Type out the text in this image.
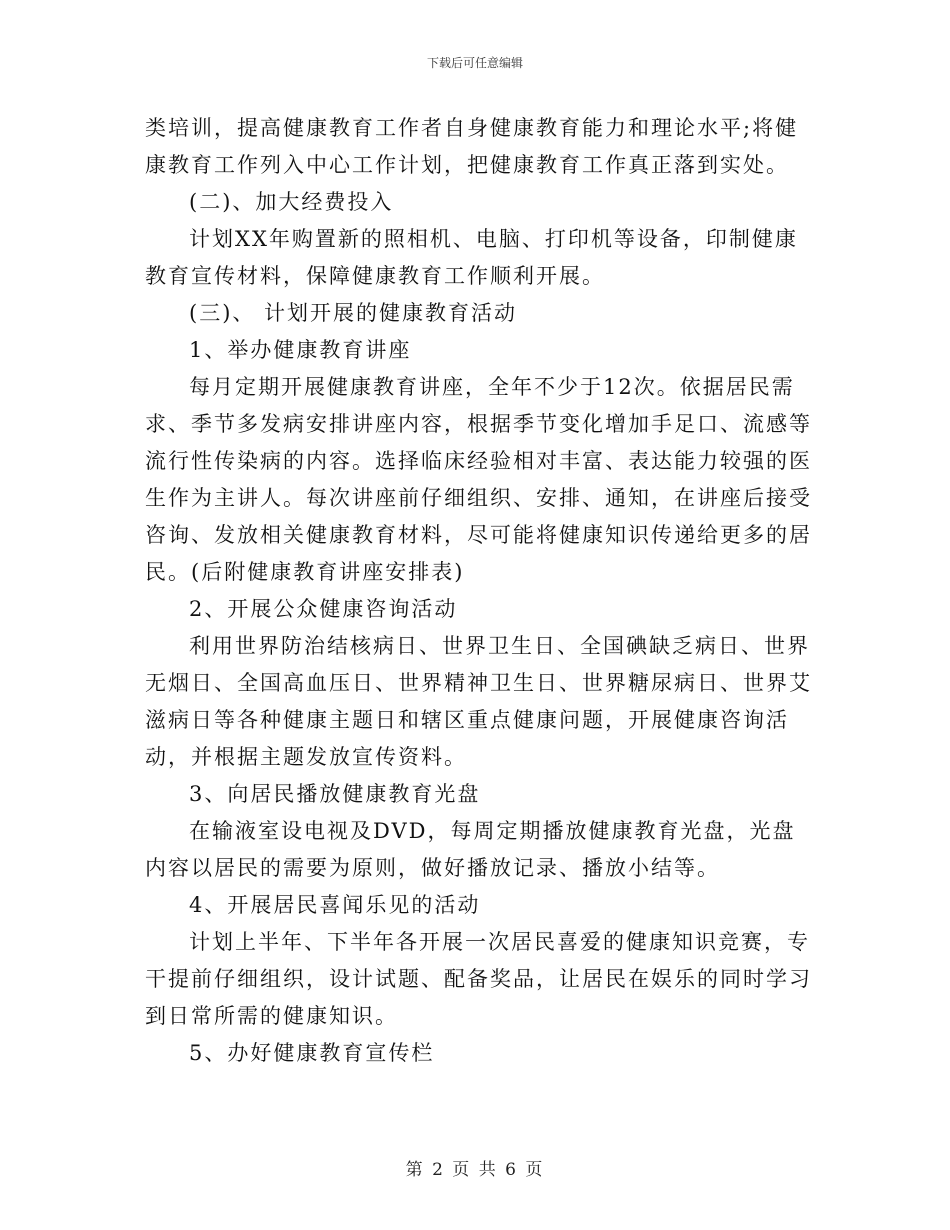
下载后可任意编辑

类培训，提高健康教育工作者自身健康教育能力和理论水平;将健康教育工作列入中心工作计划，把健康教育工作真正落到实处。

(二)、加大经费投入

计划XX年购置新的照相机、电脑、打印机等设备，印制健康教育宣传材料，保障健康教育工作顺利开展。

(三)、 计划开展的健康教育活动

1、举办健康教育讲座

每月定期开展健康教育讲座，全年不少于12次。依据居民需求、季节多发病安排讲座内容，根据季节变化增加手足口、流感等流行性传染病的内容。选择临床经验相对丰富、表达能力较强的医生作为主讲人。每次讲座前仔细组织、安排、通知，在讲座后接受咨询、发放相关健康教育材料，尽可能将健康知识传递给更多的居民。(后附健康教育讲座安排表)

2、开展公众健康咨询活动

利用世界防治结核病日、世界卫生日、全国碘缺乏病日、世界无烟日、全国高血压日、世界精神卫生日、世界糖尿病日、世界艾滋病日等各种健康主题日和辖区重点健康问题，开展健康咨询活动，并根据主题发放宣传资料。

3、向居民播放健康教育光盘

在输液室设电视及DVD，每周定期播放健康教育光盘，光盘内容以居民的需要为原则，做好播放记录、播放小结等。

4、开展居民喜闻乐见的活动

计划上半年、下半年各开展一次居民喜爱的健康知识竞赛，专干提前仔细组织，设计试题、配备奖品，让居民在娱乐的同时学习到日常所需的健康知识。

5、办好健康教育宣传栏

第 2 页 共 6 页
